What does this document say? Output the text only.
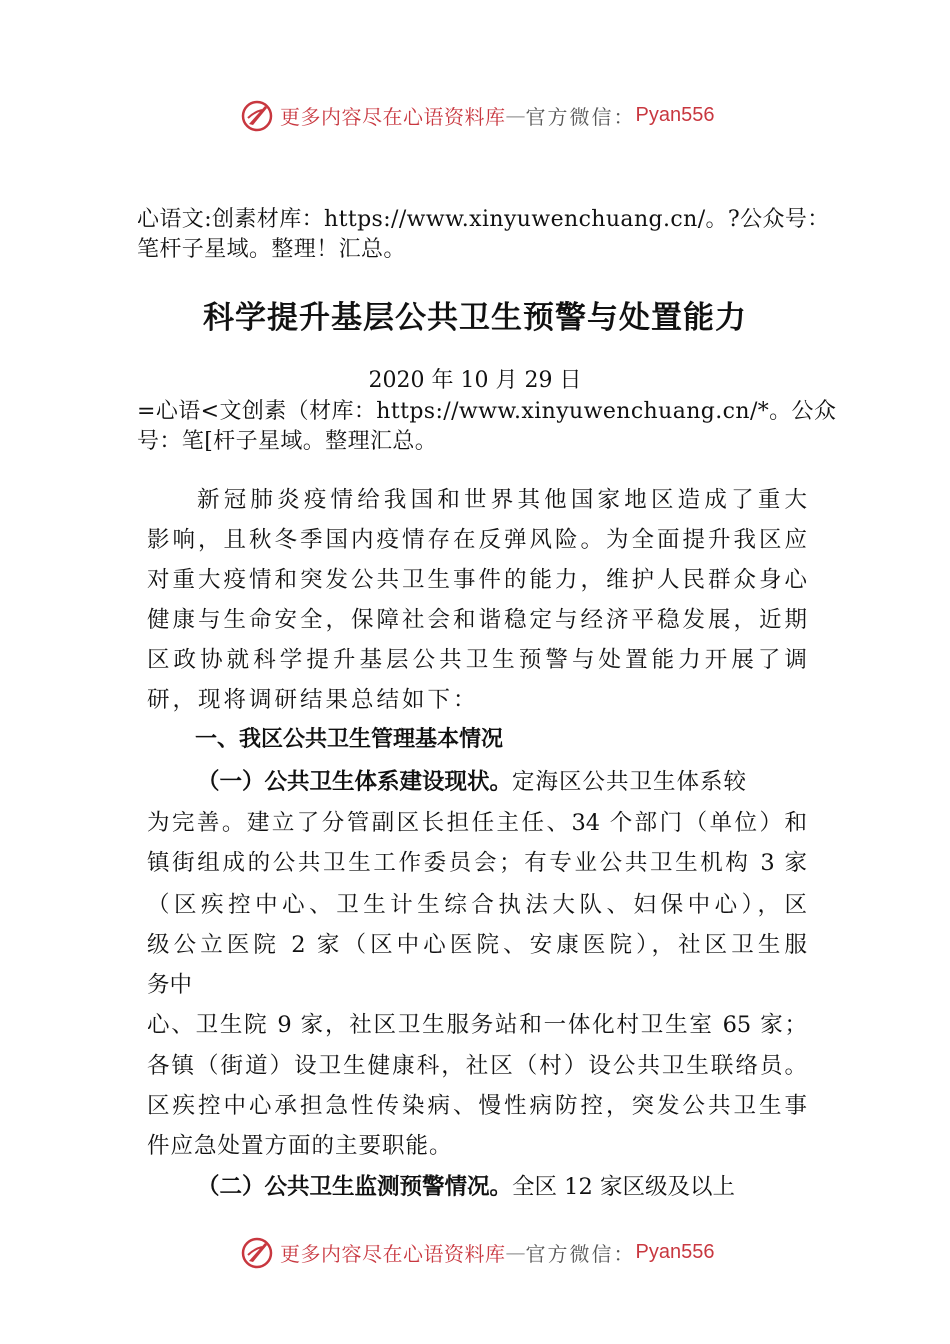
更多内容尽在心语资料库 — 官方微信： Pyan556
心语文:创素材库：https://www.xinyuwenchuang.cn/。?公众号：笔杆子星域。整理！汇总。
科学提升基层公共卫生预警与处置能力
2020 年 10 月 29 日
=心语<文创素（材库：https://www.xinyuwenchuang.cn/*。公众号：笔[杆子星域。整理汇总。
新冠肺炎疫情给我国和世界其他国家地区造成了重大
影响，且秋冬季国内疫情存在反弹风险。为全面提升我区应
对重大疫情和突发公共卫生事件的能力，维护人民群众身心
健康与生命安全，保障社会和谐稳定与经济平稳发展，近期
区政协就科学提升基层公共卫生预警与处置能力开展了调
研，现将调研结果总结如下：
一、我区公共卫生管理基本情况
（一）公共卫生体系建设现状。定海区公共卫生体系较
为完善。建立了分管副区长担任主任、34 个部门（单位）和
镇街组成的公共卫生工作委员会；有专业公共卫生机构 3 家
（区疾控中心、卫生计生综合执法大队、妇保中心），区
级公立医院 2 家（区中心医院、安康医院），社区卫生服
务中
心、卫生院 9 家，社区卫生服务站和一体化村卫生室 65 家；
各镇（街道）设卫生健康科，社区（村）设公共卫生联络员。
区疾控中心承担急性传染病、慢性病防控，突发公共卫生事
件应急处置方面的主要职能。
（二）公共卫生监测预警情况。全区 12 家区级及以上
更多内容尽在心语资料库 — 官方微信： Pyan556
